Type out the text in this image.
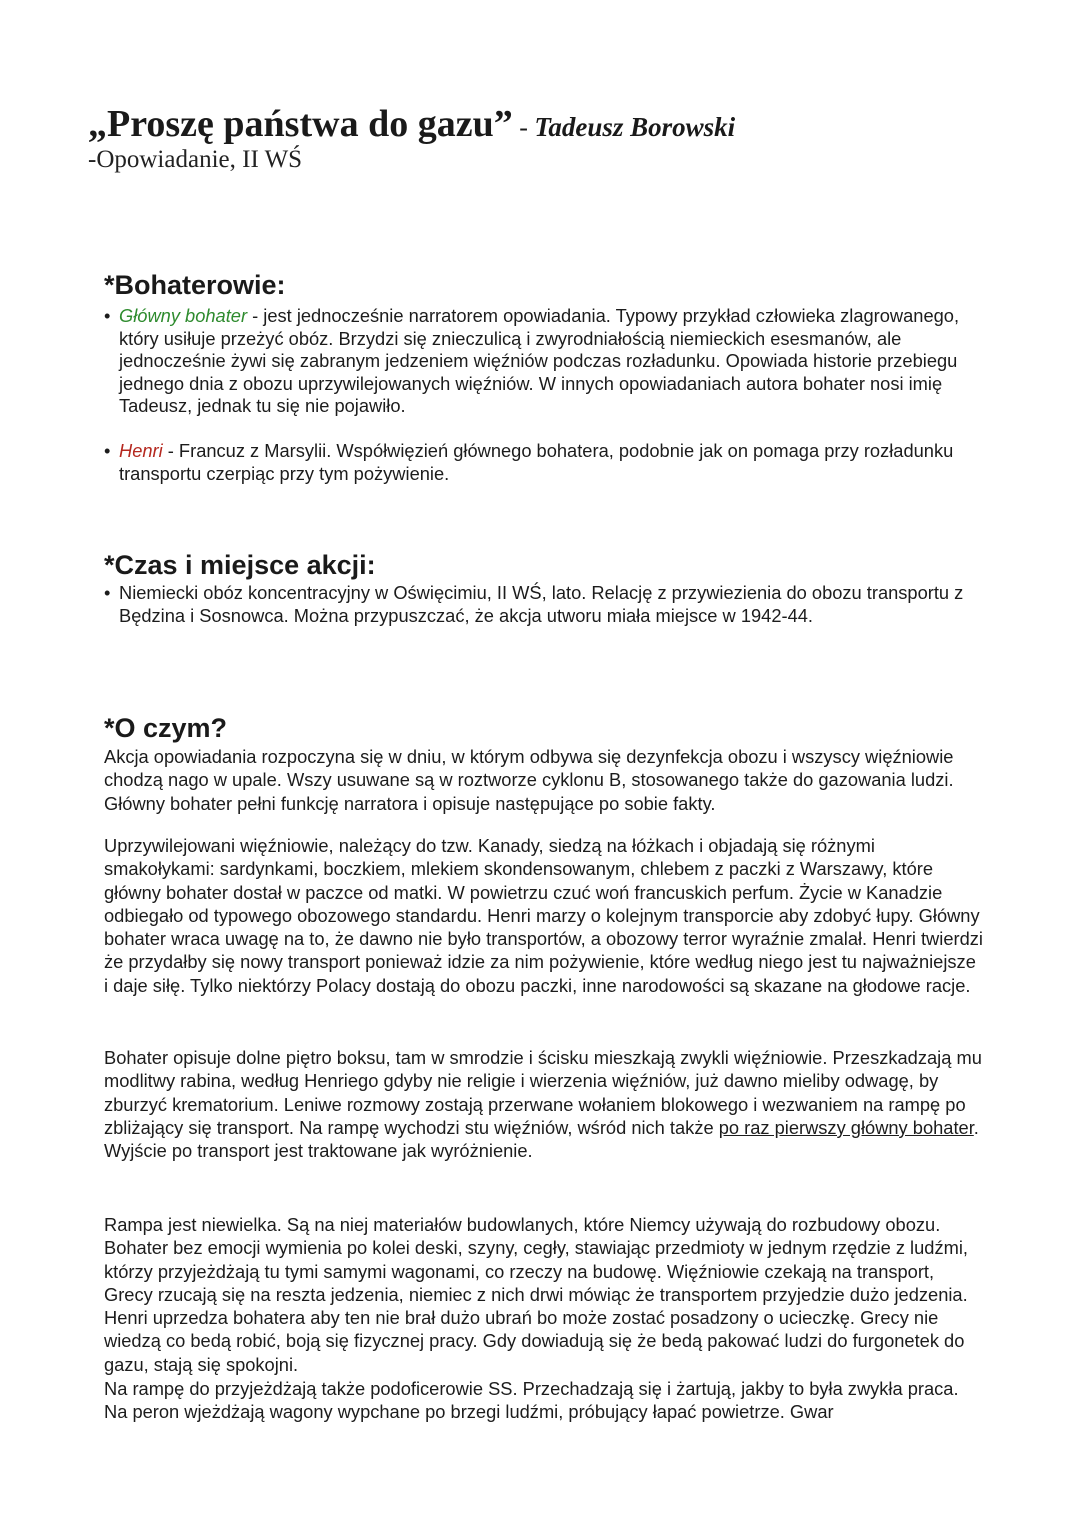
„Proszę państwa do gazu” - Tadeusz Borowski
-Opowiadanie, II WŚ
*Bohaterowie:
• Główny bohater - jest jednocześnie narratorem opowiadania. Typowy przykład człowieka zlagrowanego, który usiłuje przeżyć obóz. Brzydzi się znieczulicą i zwyrodniałością niemieckich esesmanów, ale jednocześnie żywi się zabranym jedzeniem więźniów podczas rozładunku. Opowiada historie przebiegu jednego dnia z obozu uprzywilejowanych więźniów. W innych opowiadaniach autora bohater nosi imię Tadeusz, jednak tu się nie pojawiło.
• Henri - Francuz z Marsylii. Współwięzień głównego bohatera, podobnie jak on pomaga przy rozładunku transportu czerpiąc przy tym pożywienie.
*Czas i miejsce akcji:
• Niemiecki obóz koncentracyjny w Oświęcimiu, II WŚ, lato. Relację z przywiezienia do obozu transportu z Będzina i Sosnowca. Można przypuszczać, że akcja utworu miała miejsce w 1942-44.
*O czym?

Akcja opowiadania rozpoczyna się w dniu, w którym odbywa się dezynfekcja obozu i wszyscy więźniowie chodzą nago w upale. Wszy usuwane są w roztworze cyklonu B, stosowanego także do gazowania ludzi. Główny bohater pełni funkcję narratora i opisuje następujące po sobie fakty.

Uprzywilejowani więźniowie, należący do tzw. Kanady, siedzą na łóżkach i objadają się różnymi smakołykami: sardynkami, boczkiem, mlekiem skondensowanym, chlebem z paczki z Warszawy, które główny bohater dostał w paczce od matki. W powietrzu czuć woń francuskich perfum. Życie w Kanadzie odbiegało od typowego obozowego standardu. Henri marzy o kolejnym transporcie aby zdobyć łupy. Główny bohater wraca uwagę na to, że dawno nie było transportów, a obozowy terror wyraźnie zmalał. Henri twierdzi że przydałby się nowy transport ponieważ idzie za nim pożywienie, które według niego jest tu najważniejsze i daje siłę. Tylko niektórzy Polacy dostają do obozu paczki, inne narodowości są skazane na głodowe racje.

Bohater opisuje dolne piętro boksu, tam w smrodzie i ścisku mieszkają zwykli więźniowie. Przeszkadzają mu modlitwy rabina, według Henriego gdyby nie religie i wierzenia więźniów, już dawno mieliby odwagę, by zburzyć krematorium. Leniwe rozmowy zostają przerwane wołaniem blokowego i wezwaniem na rampę po zbliżający się transport. Na rampę wychodzi stu więźniów, wśród nich także po raz pierwszy główny bohater. Wyjście po transport jest traktowane jak wyróżnienie.

Rampa jest niewielka. Są na niej materiałów budowlanych, które Niemcy używają do rozbudowy obozu. Bohater bez emocji wymienia po kolei deski, szyny, cegły, stawiając przedmioty w jednym rzędzie z ludźmi, którzy przyjeżdżają tu tymi samymi wagonami, co rzeczy na budowę. Więźniowie czekają na transport, Grecy rzucają się na reszta jedzenia, niemiec z nich drwi mówiąc że transportem przyjedzie dużo jedzenia. Henri uprzedza bohatera aby ten nie brał dużo ubrań bo może zostać posadzony o ucieczkę. Grecy nie wiedzą co bedą robić, boją się fizycznej pracy. Gdy dowiadują się że bedą pakować ludzi do furgonetek do gazu, stają się spokojni.

Na rampę do przyjeżdżają także podoficerowie SS. Przechadzają się i żartują, jakby to była zwykła praca. Na peron wjeżdżają wagony wypchane po brzegi ludźmi, próbujący łapać powietrze. Gwar
